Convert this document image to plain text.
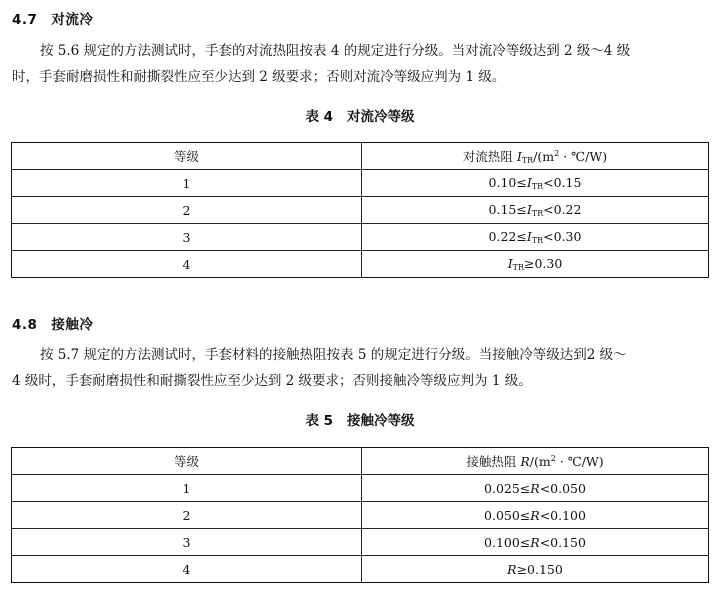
4.7 对流冷
按 5.6 规定的方法测试时，手套的对流热阻按表 4 的规定进行分级。当对流冷等级达到 2 级～4 级
时，手套耐磨损性和耐撕裂性应至少达到 2 级要求；否则对流冷等级应判为 1 级。
表 4 对流冷等级
等级	对流热阻 $I_{TR}/(m^2$ · ℃/W)
1	$0.10\le I_{TR}<0.15$
2	$0.15\le I_{TR}<0.22$
3	$0.22\le I_{TR}<0.30$
4	$I_{TR}\ge 0.30$
4.8 接触冷
按 5.7 规定的方法测试时，手套材料的接触热阻按表 5 的规定进行分级。当接触冷等级达到2 级～
4 级时，手套耐磨损性和耐撕裂性应至少达到 2 级要求；否则接触冷等级应判为 1 级。
表 5 接触冷等级
等级	接触热阻 $R/(m^2$ · ℃/W)
1	0.025≤R<0.050
2	0.050≤R<0.100
3	0.100≤R<0.150
4	R≥0.150
